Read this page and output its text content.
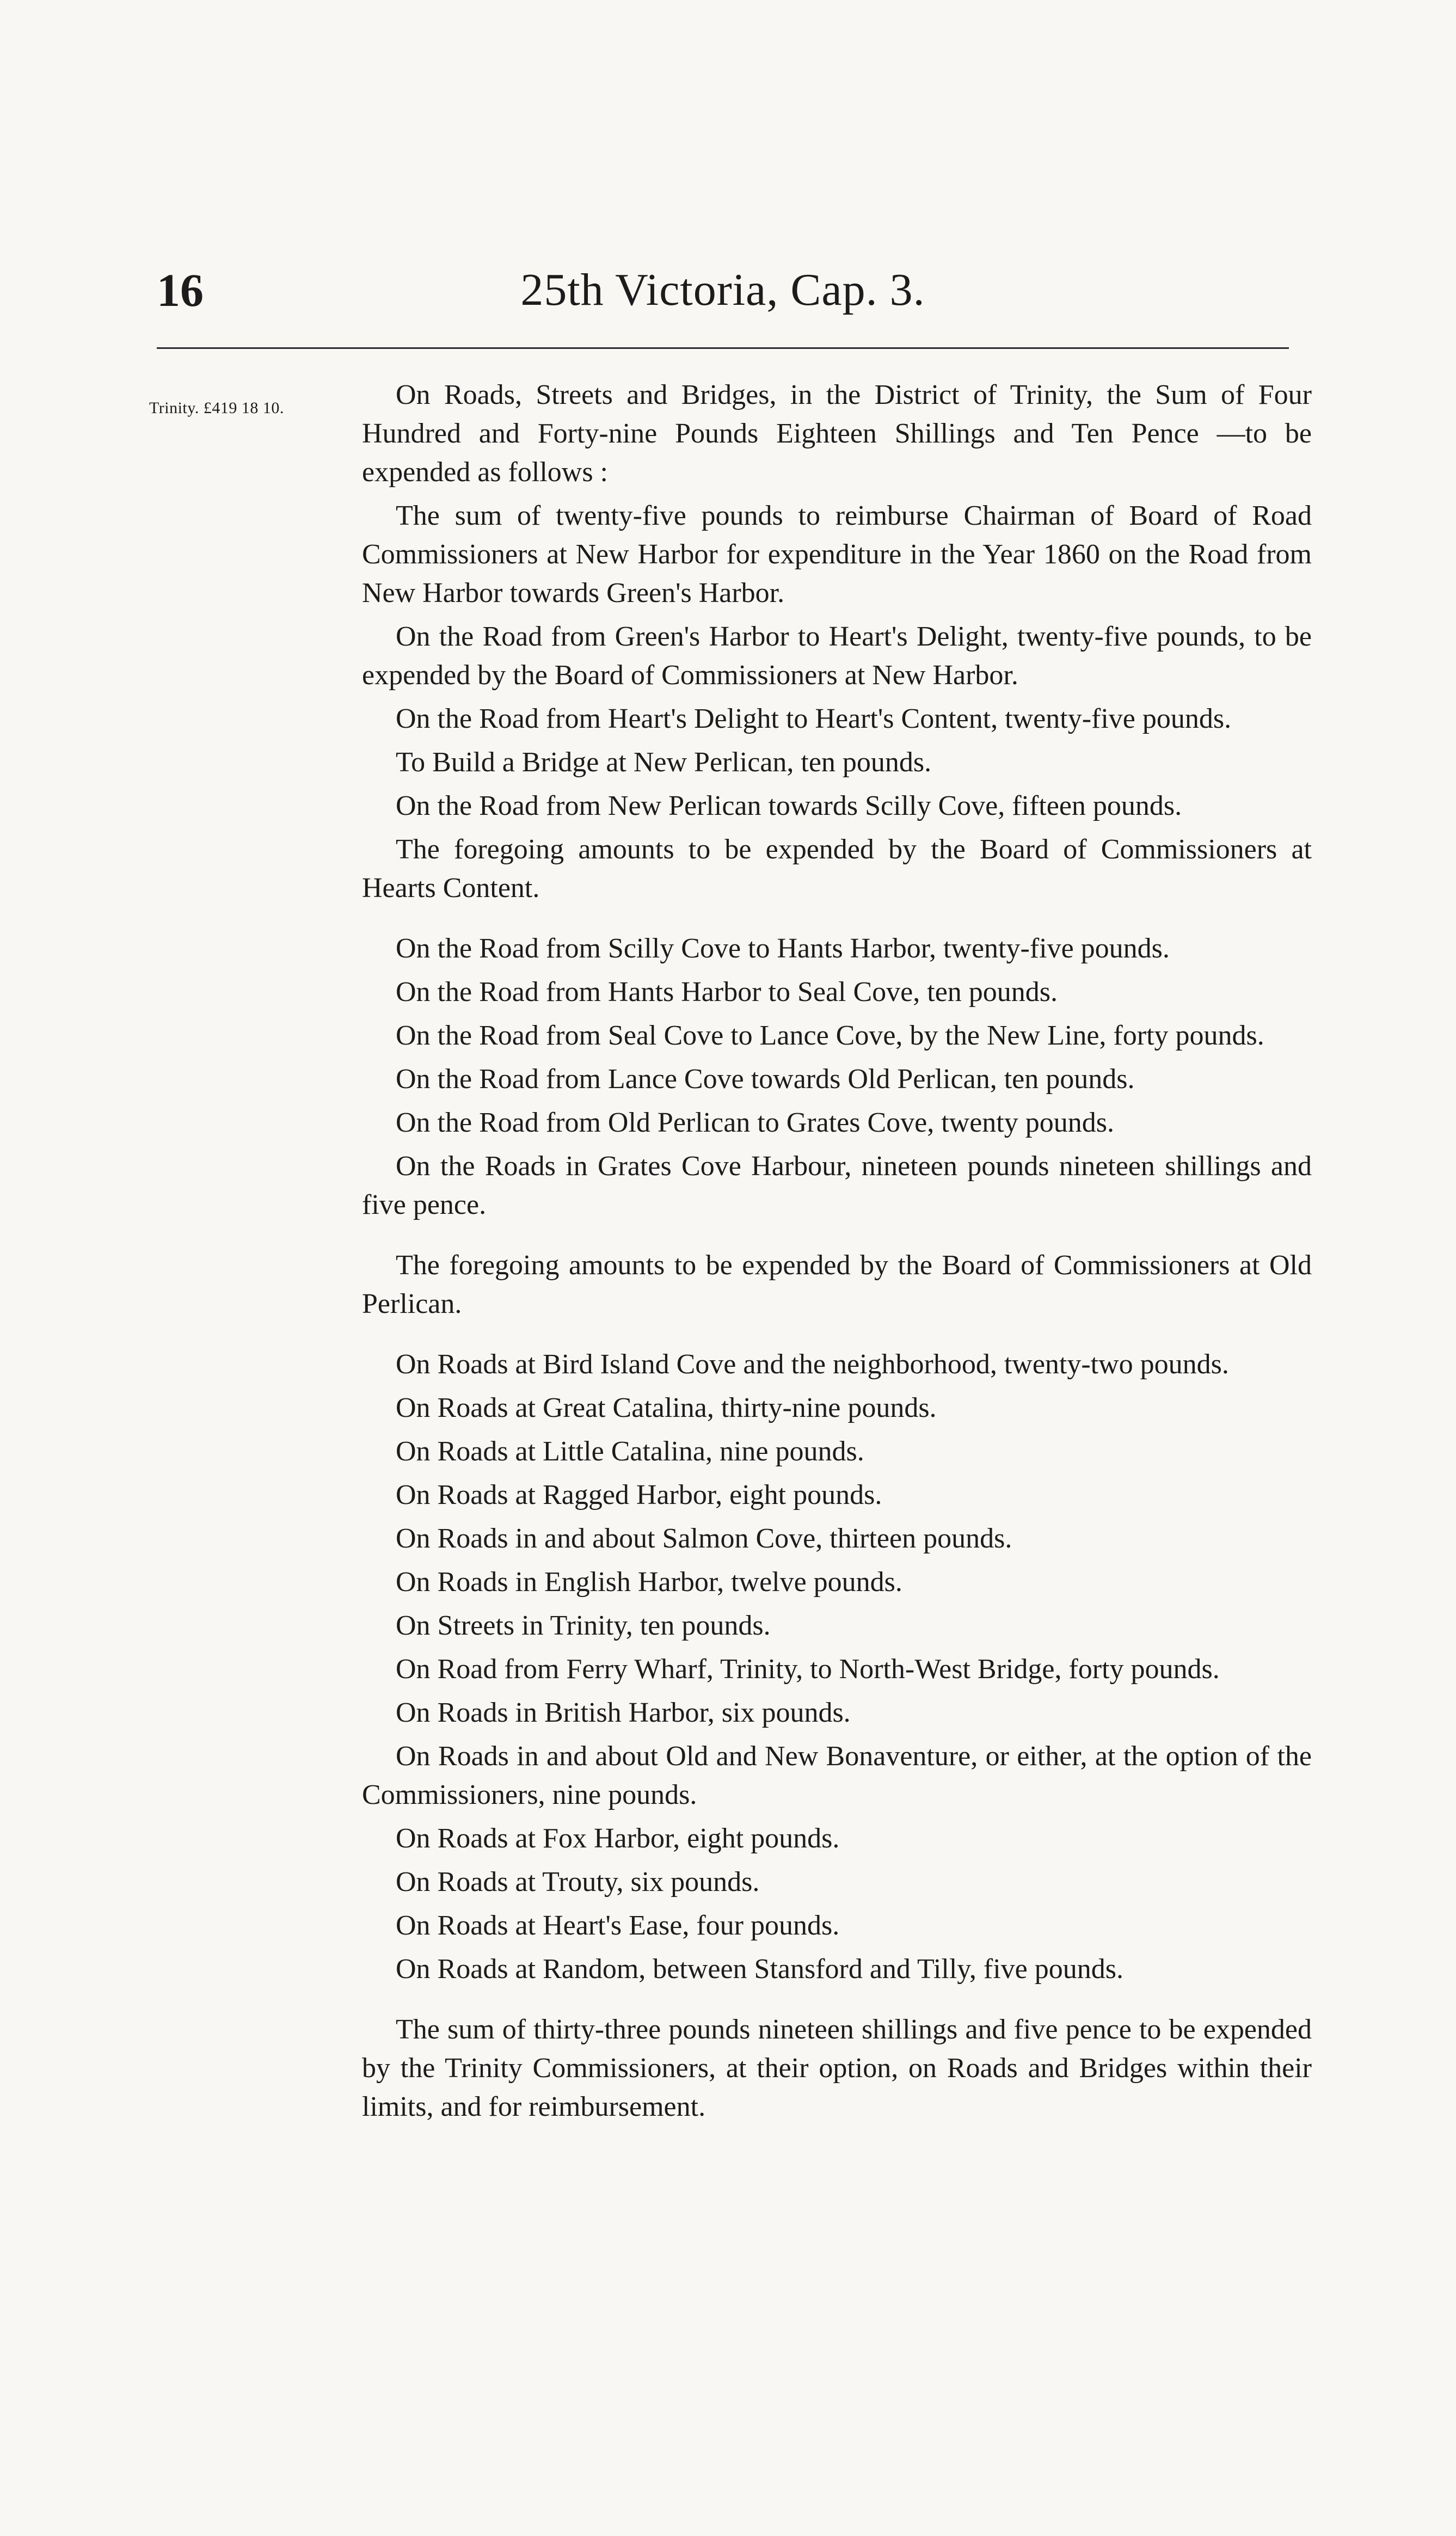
16	25th Victoria, Cap. 3.
Trinity. £419 18 10.	On Roads, Streets and Bridges, in the District of Trinity, the Sum of Four Hundred and Forty-nine Pounds Eighteen Shillings and Ten Pence —to be expended as follows :

The sum of twenty-five pounds to reimburse Chairman of Board of Road Commissioners at New Harbor for expenditure in the Year 1860 on the Road from New Harbor towards Green's Harbor.

On the Road from Green's Harbor to Heart's Delight, twenty-five pounds, to be expended by the Board of Commissioners at New Harbor.

On the Road from Heart's Delight to Heart's Content, twenty-five pounds.

To Build a Bridge at New Perlican, ten pounds.

On the Road from New Perlican towards Scilly Cove, fifteen pounds.

The foregoing amounts to be expended by the Board of Commissioners at Hearts Content.

On the Road from Scilly Cove to Hants Harbor, twenty-five pounds.

On the Road from Hants Harbor to Seal Cove, ten pounds.

On the Road from Seal Cove to Lance Cove, by the New Line, forty pounds.

On the Road from Lance Cove towards Old Perlican, ten pounds.

On the Road from Old Perlican to Grates Cove, twenty pounds.

On the Roads in Grates Cove Harbour, nineteen pounds nineteen shillings and five pence.

The foregoing amounts to be expended by the Board of Commissioners at Old Perlican.

On Roads at Bird Island Cove and the neighborhood, twenty-two pounds.

On Roads at Great Catalina, thirty-nine pounds.

On Roads at Little Catalina, nine pounds.

On Roads at Ragged Harbor, eight pounds.

On Roads in and about Salmon Cove, thirteen pounds.

On Roads in English Harbor, twelve pounds.

On Streets in Trinity, ten pounds.

On Road from Ferry Wharf, Trinity, to North-West Bridge, forty pounds.

On Roads in British Harbor, six pounds.

On Roads in and about Old and New Bonaventure, or either, at the option of the Commissioners, nine pounds.

On Roads at Fox Harbor, eight pounds.

On Roads at Trouty, six pounds.

On Roads at Heart's Ease, four pounds.

On Roads at Random, between Stansford and Tilly, five pounds.

The sum of thirty-three pounds nineteen shillings and five pence to be expended by the Trinity Commissioners, at their option, on Roads and Bridges within their limits, and for reimbursement.
